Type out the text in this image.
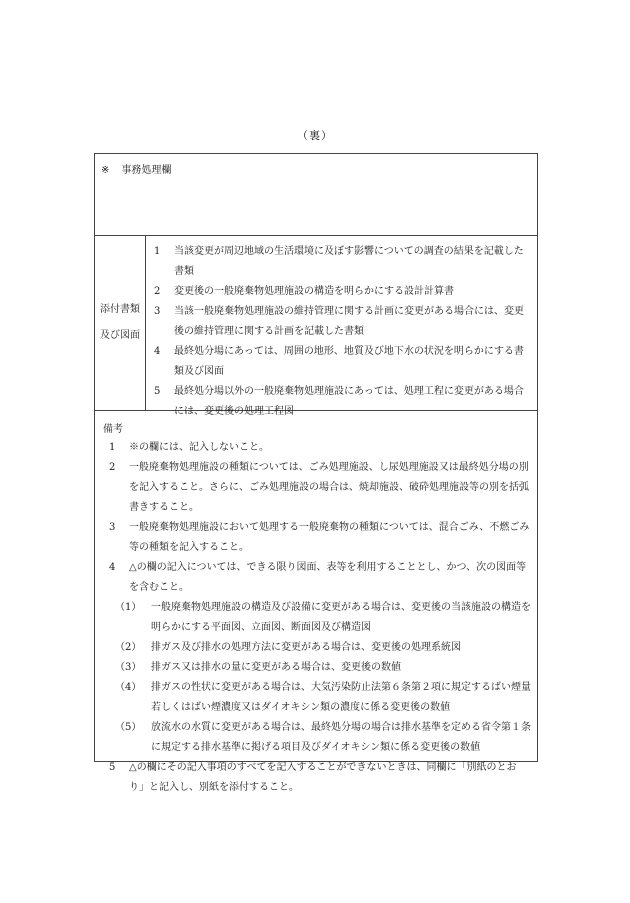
（裏）
※ 事務処理欄
添付書類
及び図面
1	当該変更が周辺地域の生活環境に及ぼす影響についての調査の結果を記載した書類
2	変更後の一般廃棄物処理施設の構造を明らかにする設計計算書
3	当該一般廃棄物処理施設の維持管理に関する計画に変更がある場合には、変更後の維持管理に関する計画を記載した書類
4	最終処分場にあっては、周囲の地形、地質及び地下水の状況を明らかにする書類及び図面
5	最終処分場以外の一般廃棄物処理施設にあっては、処理工程に変更がある場合には、変更後の処理工程図
備考
1	※の欄には、記入しないこと。
2	一般廃棄物処理施設の種類については、ごみ処理施設、し尿処理施設又は最終処分場の別を記入すること。さらに、ごみ処理施設の場合は、焼却施設、破砕処理施設等の別を括弧書きすること。
3	一般廃棄物処理施設において処理する一般廃棄物の種類については、混合ごみ、不燃ごみ等の種類を記入すること。
4	△の欄の記入については、できる限り図面、表等を利用することとし、かつ、次の図面等を含むこと。
（1） 一般廃棄物処理施設の構造及び設備に変更がある場合は、変更後の当該施設の構造を明らかにする平面図、立面図、断面図及び構造図
（2） 排ガス及び排水の処理方法に変更がある場合は、変更後の処理系統図
（3） 排ガス又は排水の量に変更がある場合は、変更後の数値
（4） 排ガスの性状に変更がある場合は、大気汚染防止法第６条第２項に規定するばい煙量若しくはばい煙濃度又はダイオキシン類の濃度に係る変更後の数値
（5） 放流水の水質に変更がある場合は、最終処分場の場合は排水基準を定める省令第１条に規定する排水基準に掲げる項目及びダイオキシン類に係る変更後の数値
5	△の欄にその記入事項のすべてを記入することができないときは、同欄に「別紙のとおり」と記入し、別紙を添付すること。
